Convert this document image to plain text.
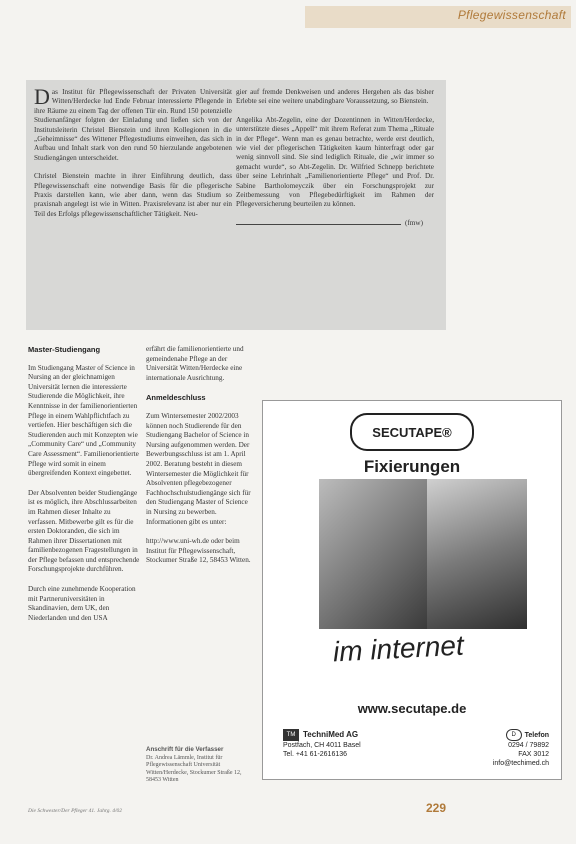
Pflegewissenschaft

Das Institut für Pflegewissenschaft der Privaten Universität Witten/Herdecke lud Ende Februar interessierte Pflegende in ihre Räume zu einem Tag der offenen Tür ein. Rund 150 potenzielle Studienanfänger folgten der Einladung und ließen sich von der Institutsleiterin Christel Bienstein und ihren Kollegionen in die „Geheimnisse“ des Wittener Pflegestudiums einweihen, das sich in Aufbau und Inhalt stark von den rund 50 hierzulande angebotenen Studiengängen unterscheidet.

Christel Bienstein machte in ihrer Einführung deutlich, dass Pflegewissenschaft eine notwendige Basis für die pflegerische Praxis darstellen kann, wie aber dann, wenn das Studium so praxisnah angelegt ist wie in Witten. Praxisrelevanz ist aber nur ein Teil des Erfolgs pflegewissenschaftlicher Tätigkeit. Neu-

gier auf fremde Denkweisen und anderes Hergehen als das bisher Erlebte sei eine weitere unabdingbare Voraussetzung, so Bienstein.

Angelika Abt-Zegelin, eine der Dozentinnen in Witten/Herdecke, unterstützte dieses „Appell“ mit ihrem Referat zum Thema „Rituale in der Pflege“. Wenn man es genau betrachte, werde erst deutlich, wie viel der pflegerischen Tätigkeiten kaum hinterfragt oder gar wenig sinnvoll sind. Sie sind lediglich Rituale, die „wir immer so gemacht wurde“, so Abt-Zegelin. Dr. Wilfried Schnepp berichtete über seine Lehrinhalt „Familienorientierte Pflege“ und Prof. Dr. Sabine Bartholomeyczik über ein Forschungsprojekt zur Zeitbemessung von Pflegebedürftigkeit im Rahmen der Pflegeversicherung beurteilen zu können.

(fmw)

Master-Studiengang

Im Studiengang Master of Science in Nursing an der gleichnamigen Universität lernen die interessierte Studierende die Möglichkeit, ihre Kenntnisse in der familienorientierten Pflege in einem Wahlpflichtfach zu vertiefen. Hier beschäftigen sich die Studierenden auch mit Konzepten wie „Community Care“ und „Community Care Assessment“. Familienorientierte Pflege wird somit in einem übergreifenden Kontext eingebettet.

Der Absolventen beider Studiengänge ist es möglich, ihre Abschlussarbeiten im Rahmen dieser Inhalte zu verfassen. Mitbewerbe gilt es für die ersten Doktoranden, die sich im Rahmen ihrer Dissertationen mit familienbezogenen Fragestellungen in der Pflege befassen und entsprechende Forschungsprojekte durchführen.

Durch eine zunehmende Kooperation mit Partneruniversitäten in Skandinavien, dem UK, den Niederlanden und den USA

erfährt die familienorientierte und gemeindenahe Pflege an der Universität Witten/Herdecke eine internationale Ausrichtung.

Anmeldeschluss

Zum Wintersemester 2002/2003 können noch Studierende für den Studiengang Bachelor of Science in Nursing aufgenommen werden. Der Bewerbungsschluss ist am 1. April 2002. Beratung besteht in diesem Wintersemester die Möglichkeit für Absolventen pflegebezogener Fachhochschulstudiengänge sich für den Studiengang Master of Science in Nursing zu bewerben. Informationen gibt es unter:

http://www.uni-wh.de oder beim Institut für Pflegewissenschaft, Stockumer Straße 12, 58453 Witten.

Anschrift für die Verfasser
Dr. Andrea Lämmle, Institut für Pflegewissenschaft Universität Witten/Herdecke, Stockumer Straße 12, 58453 Witten
SECUTAPE®
Fixierungen
im internet
www.secutape.de
TM TechniMed AG
Postfach, CH 4011 Basel
Tel. +41 61-2616136
D Telefon
0294 / 79892
FAX 3012
info@techimed.ch
Die Schwester/Der Pfleger 41. Jahrg. 4/02	229
